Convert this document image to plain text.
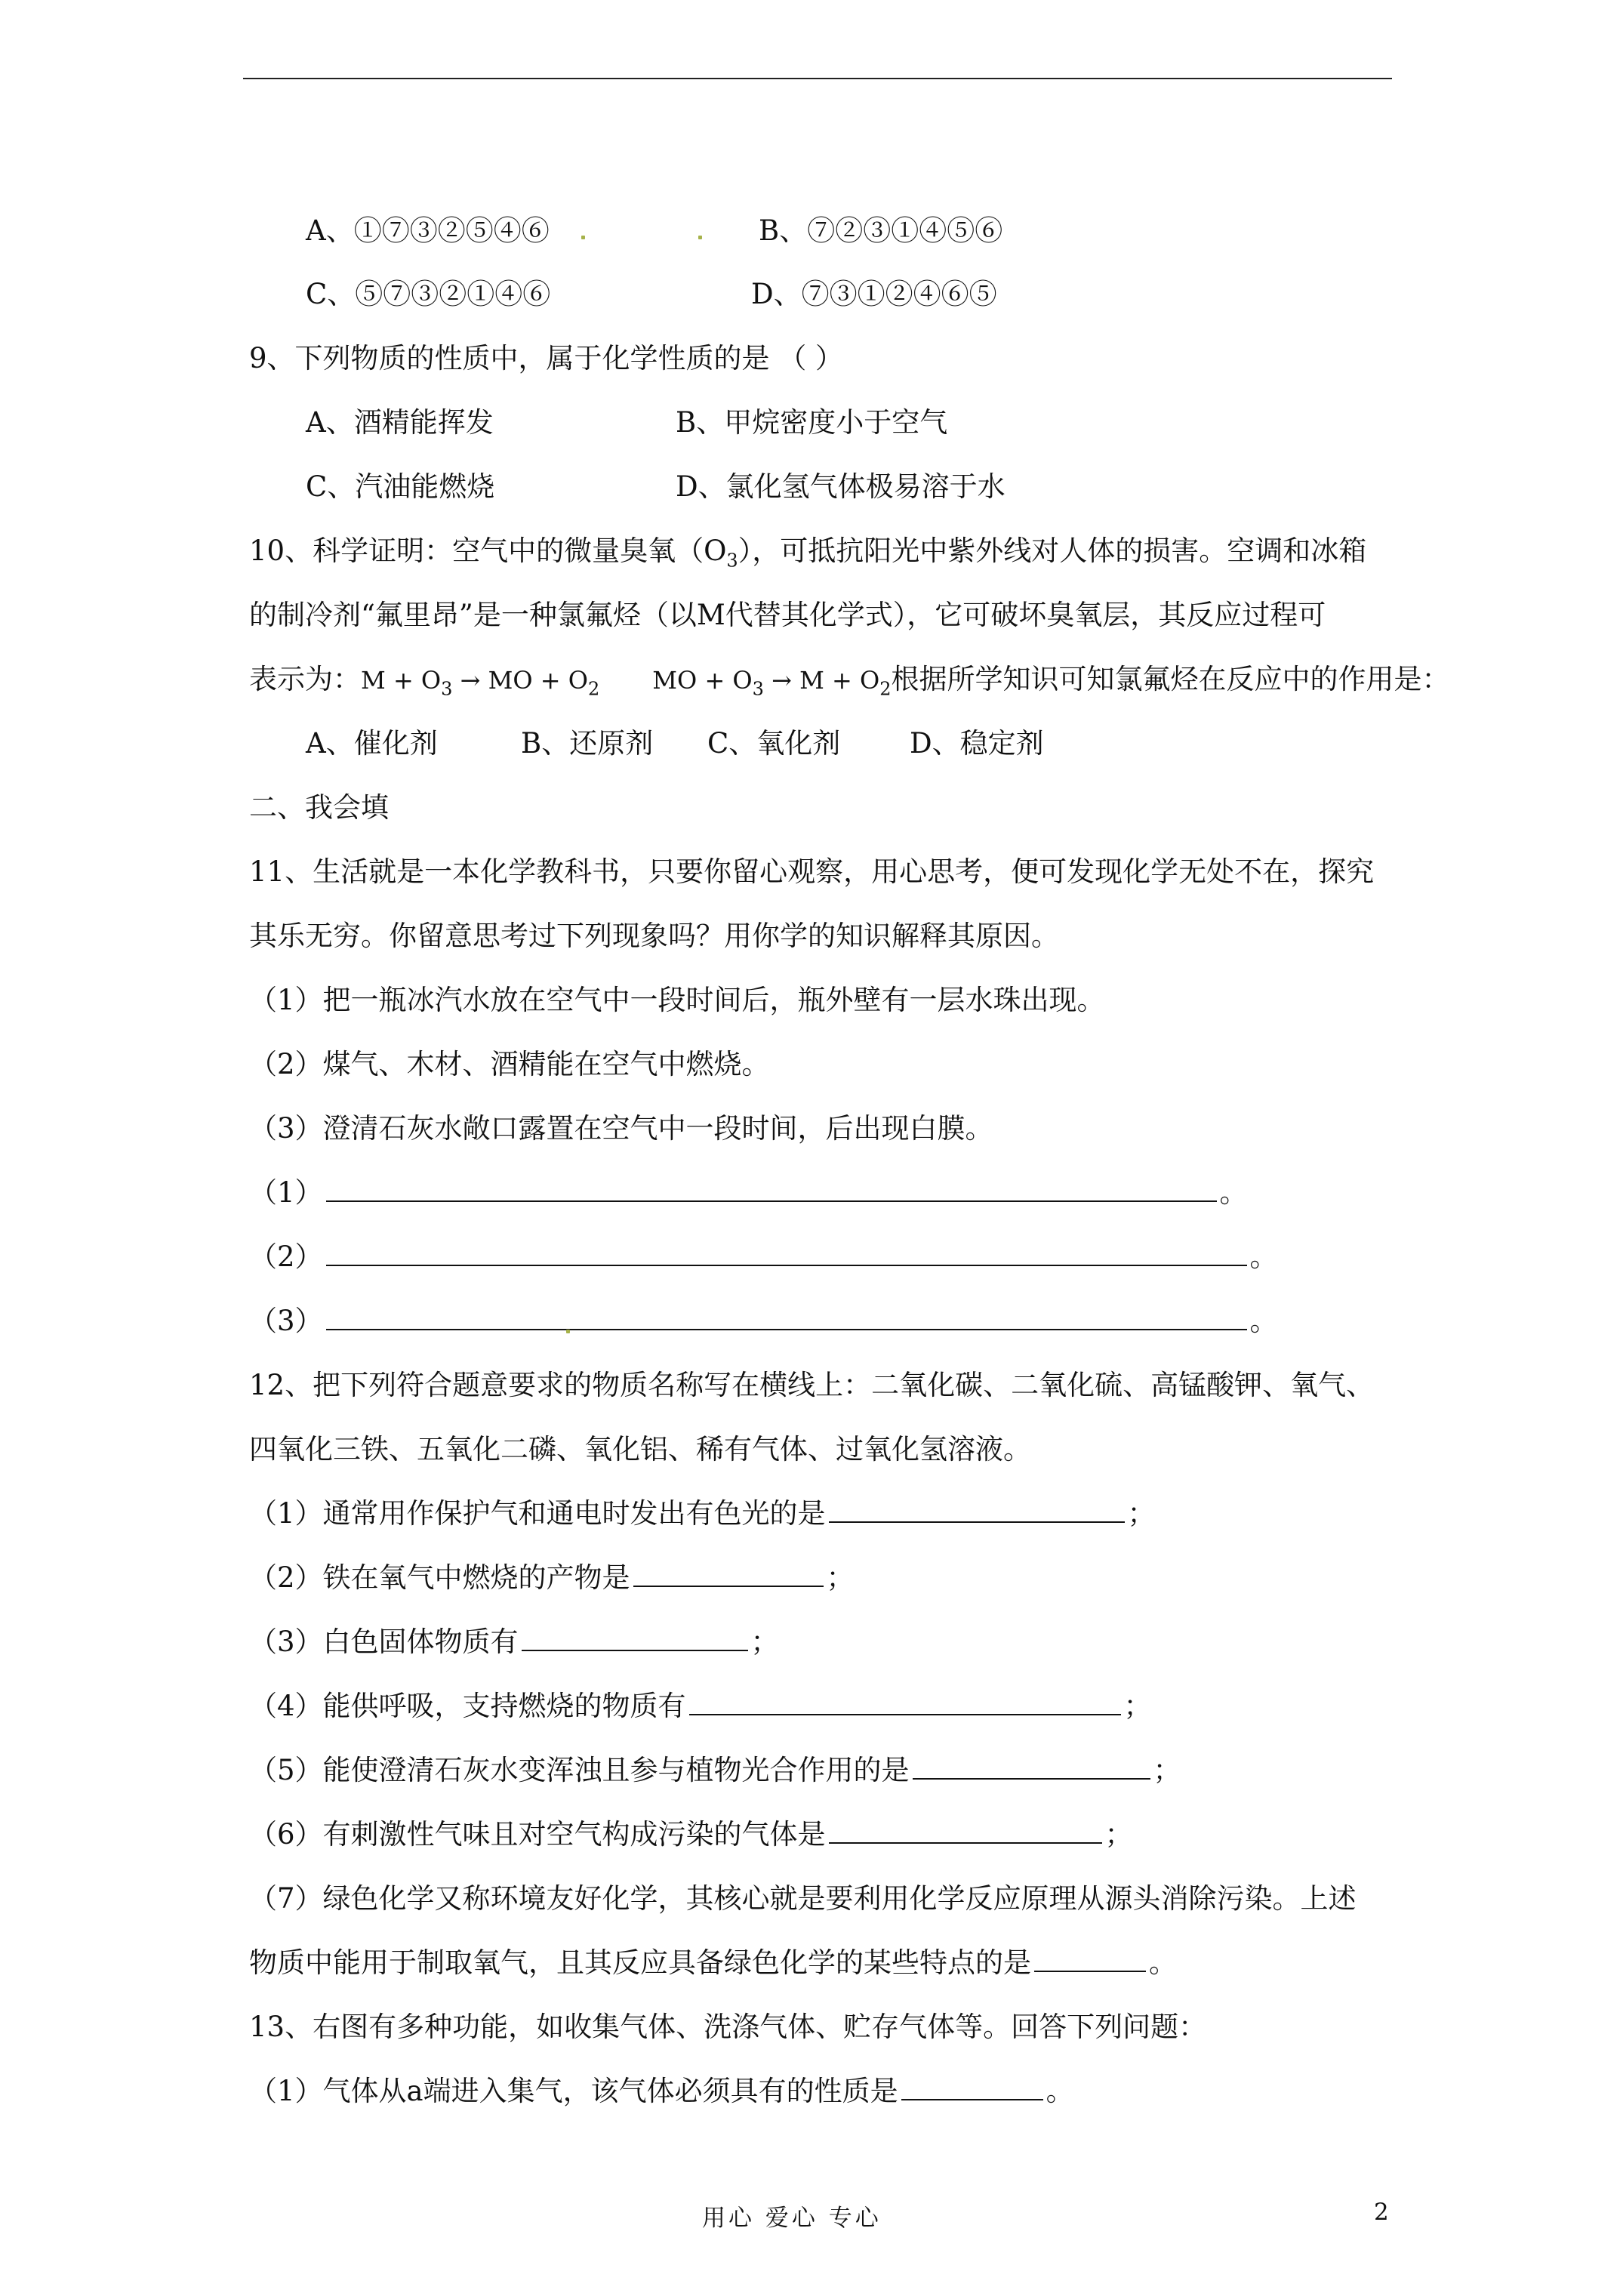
A、①⑦③②⑤④⑥	B、⑦②③①④⑤⑥
C、⑤⑦③②①④⑥	D、⑦③①②④⑥⑤
9、下列物质的性质中，属于化学性质的是 （ ）
A、酒精能挥发	B、甲烷密度小于空气
C、汽油能燃烧	D、氯化氢气体极易溶于水
10、科学证明：空气中的微量臭氧$(O_3)$，可抵抗阳光中紫外线对人体的损害。空调和冰箱
的制冷剂“氟里昂”是一种氯氟烃（以M代替其化学式），它可破坏臭氧层，其反应过程可
表示为：$M + O_3$ → MO + $O_2$ MO + $O_3 \to M + O_2$根据所学知识可知氯氟烃在反应中的作用是：
A、催化剂	B、还原剂 C、氧化剂 D、稳定剂
二、我会填
11、生活就是一本化学教科书，只要你留心观察，用心思考，便可发现化学无处不在，探究
其乐无穷。你留意思考过下列现象吗？用你学的知识解释其原因。
（1）把一瓶冰汽水放在空气中一段时间后，瓶外壁有一层水珠出现。
（2）煤气、木材、酒精能在空气中燃烧。
（3）澄清石灰水敞口露置在空气中一段时间，后出现白膜。
（1）	。
（2）	。
（3）	。
12、把下列符合题意要求的物质名称写在横线上：二氧化碳、二氧化硫、高锰酸钾、氧气、
四氧化三铁、五氧化二磷、氧化铝、稀有气体、过氧化氢溶液。
（1）通常用作保护气和通电时发出有色光的是	；
（2）铁在氧气中燃烧的产物是	；
（3）白色固体物质有	；
（4）能供呼吸，支持燃烧的物质有	；
（5）能使澄清石灰水变浑浊且参与植物光合作用的是	；
（6）有刺激性气味且对空气构成污染的气体是	；
（7）绿色化学又称环境友好化学，其核心就是要利用化学反应原理从源头消除污染。上述
物质中能用于制取氧气，且其反应具备绿色化学的某些特点的是	。
13、右图有多种功能，如收集气体、洗涤气体、贮存气体等。回答下列问题：
（1）气体从a端进入集气，该气体必须具有的性质是	。
用心 爱心 专心	2
